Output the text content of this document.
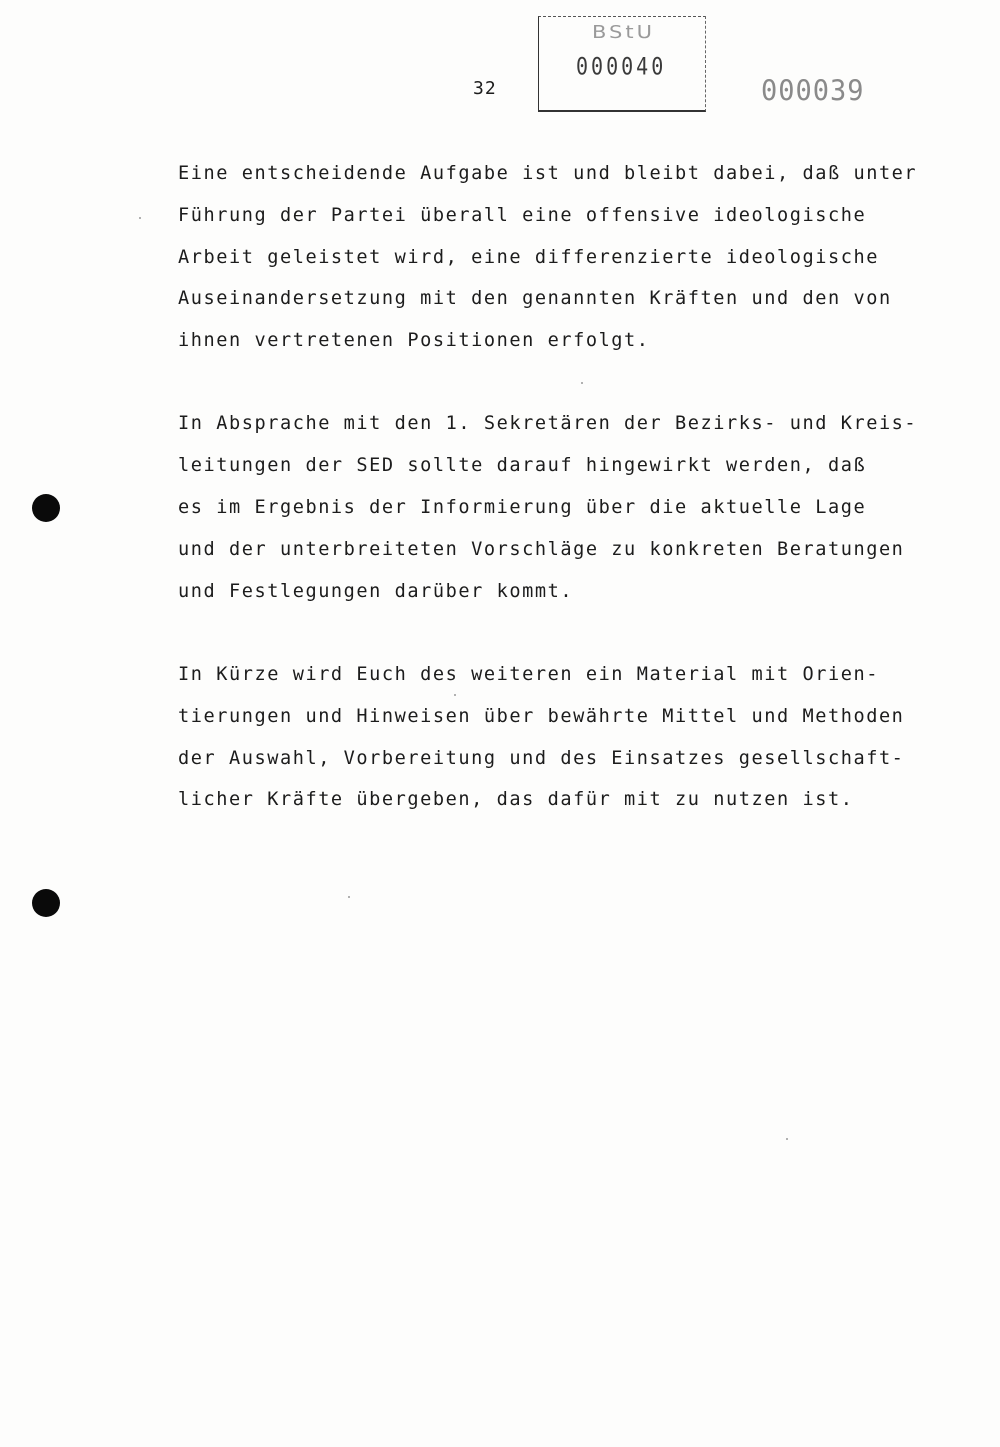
32
BStU
000040
000039
Eine entscheidende Aufgabe ist und bleibt dabei, daß unter
Führung der Partei überall eine offensive ideologische
Arbeit geleistet wird, eine differenzierte ideologische
Auseinandersetzung mit den genannten Kräften und den von
ihnen vertretenen Positionen erfolgt.
In Absprache mit den 1. Sekretären der Bezirks- und Kreis-
leitungen der SED sollte darauf hingewirkt werden, daß
es im Ergebnis der Informierung über die aktuelle Lage
und der unterbreiteten Vorschläge zu konkreten Beratungen
und Festlegungen darüber kommt.
In Kürze wird Euch des weiteren ein Material mit Orien-
tierungen und Hinweisen über bewährte Mittel und Methoden
der Auswahl, Vorbereitung und des Einsatzes gesellschaft-
licher Kräfte übergeben, das dafür mit zu nutzen ist.
